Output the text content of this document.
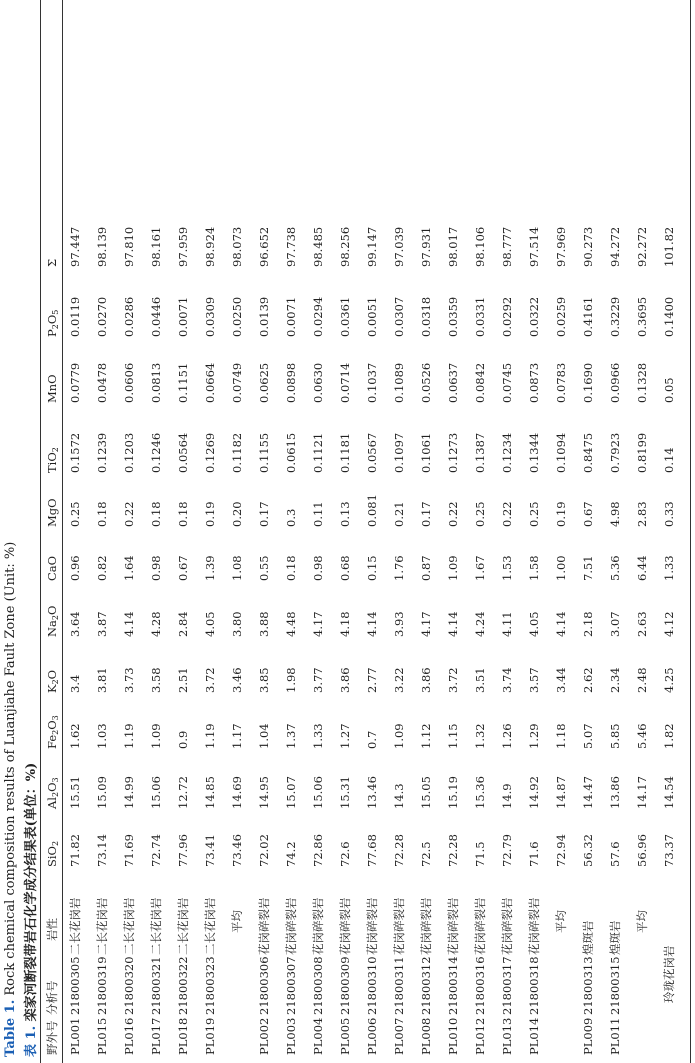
Table 1. Rock chemical composition results of Luanjiahe Fault Zone (Unit: %)
表 1. 栾家河断裂带岩石化学成分结果表(单位：%)
野外号
分析号
岩性
SiO$_2$
$Al_2O_3$
$Fe_2O_3$
$K_2O$
$Na_2O$
CaO
MgO
TiO$_2$
MnO
$P_2O_5$
Σ
PL001
21800305
二长花岗岩
71.82
15.51
1.62
3.4
3.64
0.96
0.25
0.1572
0.0779
0.0119
97.447
PL015
21800319
二长花岗岩
73.14
15.09
1.03
3.81
3.87
0.82
0.18
0.1239
0.0478
0.0270
98.139
PL016
21800320
二长花岗岩
71.69
14.99
1.19
3.73
4.14
1.64
0.22
0.1203
0.0606
0.0286
97.810
PL017
21800321
二长花岗岩
72.74
15.06
1.09
3.58
4.28
0.98
0.18
0.1246
0.0813
0.0446
98.161
PL018
21800322
二长花岗岩
77.96
12.72
0.9
2.51
2.84
0.67
0.18
0.0564
0.1151
0.0071
97.959
PL019
21800323
二长花岗岩
73.41
14.85
1.19
3.72
4.05
1.39
0.19
0.1269
0.0664
0.0309
98.924
平均
73.46
14.69
1.17
3.46
3.80
1.08
0.20
0.1182
0.0749
0.0250
98.073
PL002
21800306
花岗碎裂岩
72.02
14.95
1.04
3.85
3.88
0.55
0.17
0.1155
0.0625
0.0139
96.652
PL003
21800307
花岗碎裂岩
74.2
15.07
1.37
1.98
4.48
0.18
0.3
0.0615
0.0898
0.0071
97.738
PL004
21800308
花岗碎裂岩
72.86
15.06
1.33
3.77
4.17
0.98
0.11
0.1121
0.0630
0.0294
98.485
PL005
21800309
花岗碎裂岩
72.6
15.31
1.27
3.86
4.18
0.68
0.13
0.1181
0.0714
0.0361
98.256
PL006
21800310
花岗碎裂岩
77.68
13.46
0.7
2.77
4.14
0.15
0.081
0.0567
0.1037
0.0051
99.147
PL007
21800311
花岗碎裂岩
72.28
14.3
1.09
3.22
3.93
1.76
0.21
0.1097
0.1089
0.0307
97.039
PL008
21800312
花岗碎裂岩
72.5
15.05
1.12
3.86
4.17
0.87
0.17
0.1061
0.0526
0.0318
97.931
PL010
21800314
花岗碎裂岩
72.28
15.19
1.15
3.72
4.14
1.09
0.22
0.1273
0.0637
0.0359
98.017
PL012
21800316
花岗碎裂岩
71.5
15.36
1.32
3.51
4.24
1.67
0.25
0.1387
0.0842
0.0331
98.106
PL013
21800317
花岗碎裂岩
72.79
14.9
1.26
3.74
4.11
1.53
0.22
0.1234
0.0745
0.0292
98.777
PL014
21800318
花岗碎裂岩
71.6
14.92
1.29
3.57
4.05
1.58
0.25
0.1344
0.0873
0.0322
97.514
平均
72.94
14.87
1.18
3.44
4.14
1.00
0.19
0.1094
0.0783
0.0259
97.969
PL009
21800313
煌斑岩
56.32
14.47
5.07
2.62
2.18
7.51
0.67
0.8475
0.1690
0.4161
90.273
PL011
21800315
煌斑岩
57.6
13.86
5.85
2.34
3.07
5.36
4.98
0.7923
0.0966
0.3229
94.272
平均
56.96
14.17
5.46
2.48
2.63
6.44
2.83
0.8199
0.1328
0.3695
92.272
玲珑花岗岩
73.37
14.54
1.82
4.25
4.12
1.33
0.33
0.14
0.05
0.1400
101.82
